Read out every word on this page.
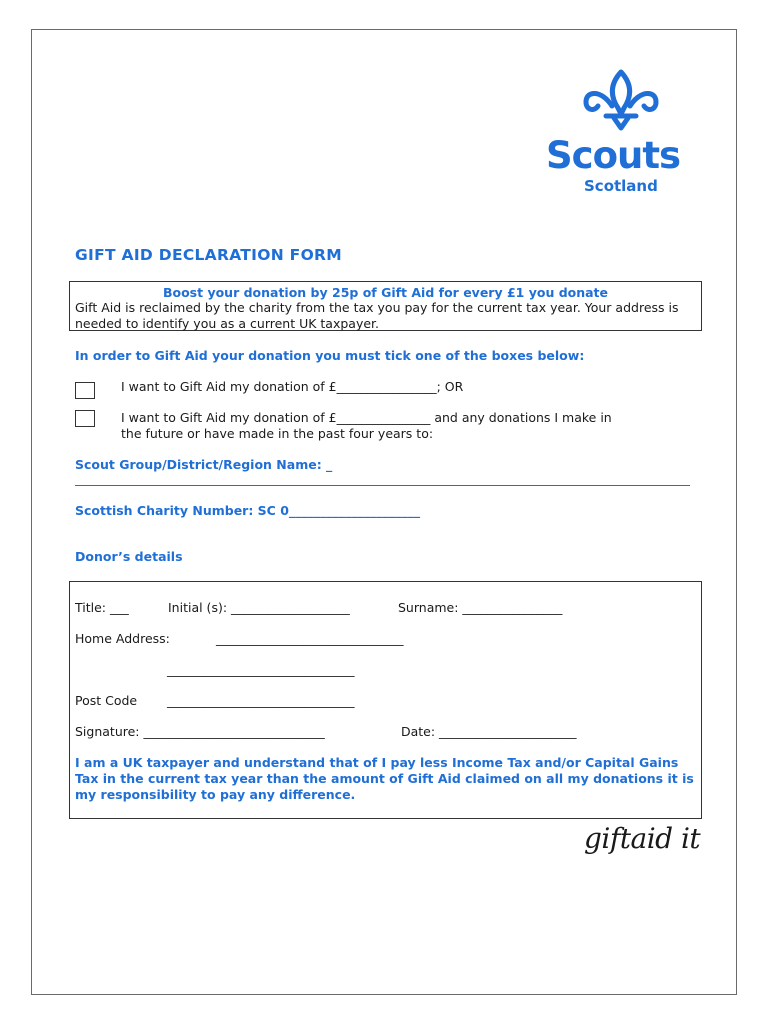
Scouts
Scotland
GIFT AID DECLARATION FORM
Boost your donation by 25p of Gift Aid for every £1 you donate
Gift Aid is reclaimed by the charity from the tax you pay for the current tax year. Your address is needed to identify you as a current UK taxpayer.
In order to Gift Aid your donation you must tick one of the boxes below:
I want to Gift Aid my donation of £________________; OR
I want to Gift Aid my donation of £_______________ and any donations I make in
the future or have made in the past four years to:
Scout Group/District/Region Name: _
Scottish Charity Number: SC 0_____________________
Donor’s details
Title: ___	Initial (s): ___________________	Surname: ________________
Home Address:	______________________________
______________________________
Post Code ______________________________
Signature: _____________________________	Date: ______________________
I am a UK taxpayer and understand that of I pay less Income Tax and/or Capital Gains Tax in the current tax year than the amount of Gift Aid claimed on all my donations it is my responsibility to pay any difference.
giftaid it
